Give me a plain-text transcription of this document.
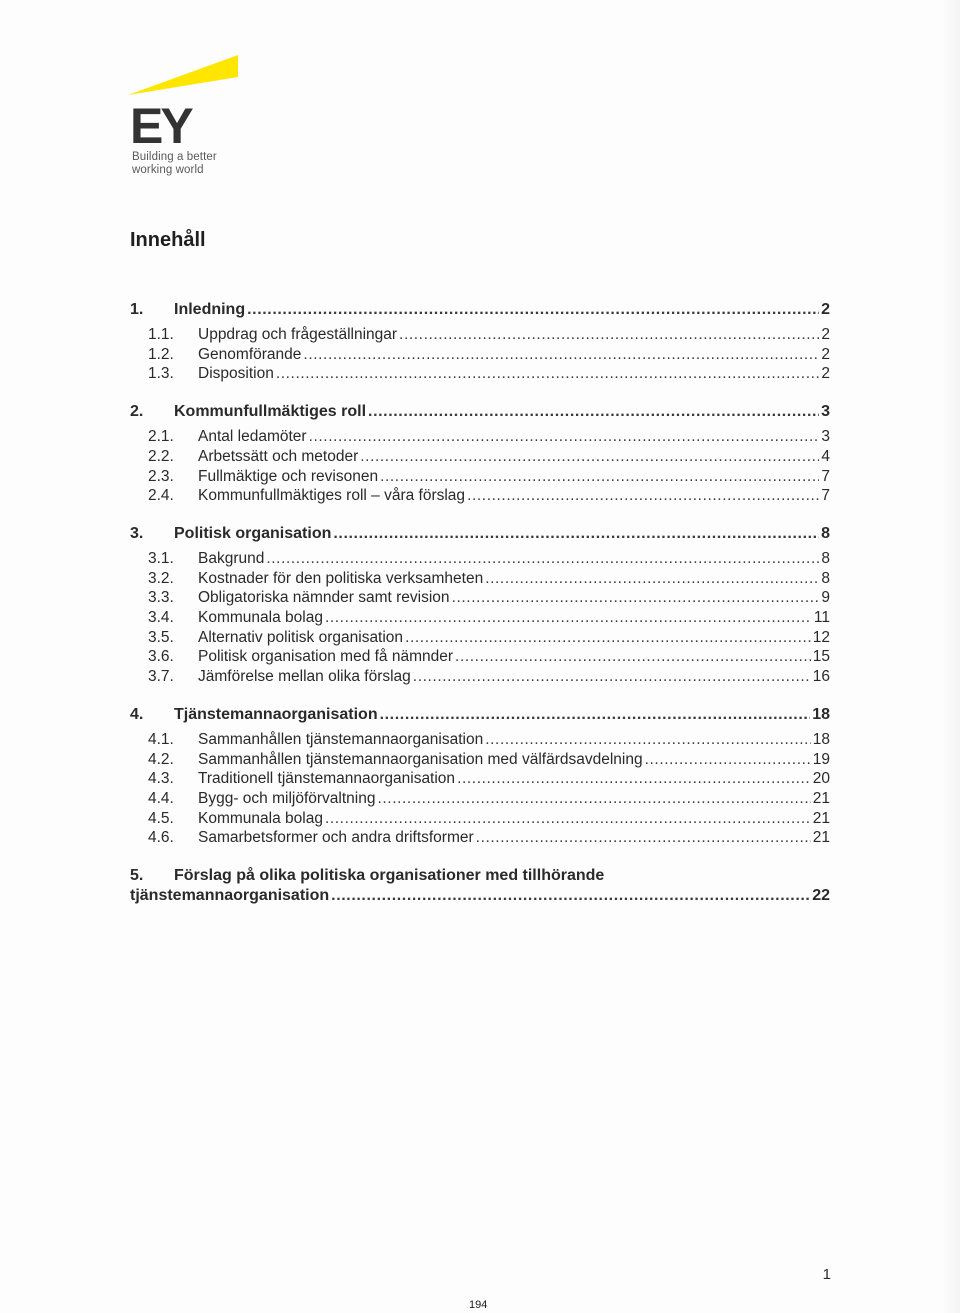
EY
Building a better
working world
Innehåll
1.	Inledning .....	2
1.1.	Uppdrag och frågeställningar .....	2
1.2.	Genomförande .....	2
1.3.	Disposition .....	2
2.	Kommunfullmäktiges roll .....	3
2.1.	Antal ledamöter .....	3
2.2.	Arbetssätt och metoder .....	4
2.3.	Fullmäktige och revisonen .....	7
2.4.	Kommunfullmäktiges roll – våra förslag .....	7
3.	Politisk organisation .....	8
3.1.	Bakgrund .....	8
3.2.	Kostnader för den politiska verksamheten .....	8
3.3.	Obligatoriska nämnder samt revision .....	9
3.4.	Kommunala bolag .....	11
3.5.	Alternativ politisk organisation .....	12
3.6.	Politisk organisation med få nämnder .....	15
3.7.	Jämförelse mellan olika förslag .....	16
4.	Tjänstemannaorganisation .....	18
4.1.	Sammanhållen tjänstemannaorganisation .....	18
4.2.	Sammanhållen tjänstemannaorganisation med välfärdsavdelning .....	19
4.3.	Traditionell tjänstemannaorganisation .....	20
4.4.	Bygg- och miljöförvaltning .....	21
4.5.	Kommunala bolag .....	21
4.6.	Samarbetsformer och andra driftsformer .....	21
5. Förslag på olika politiska organisationer med tillhörande
tjänstemannaorganisation .....	22
1
194
